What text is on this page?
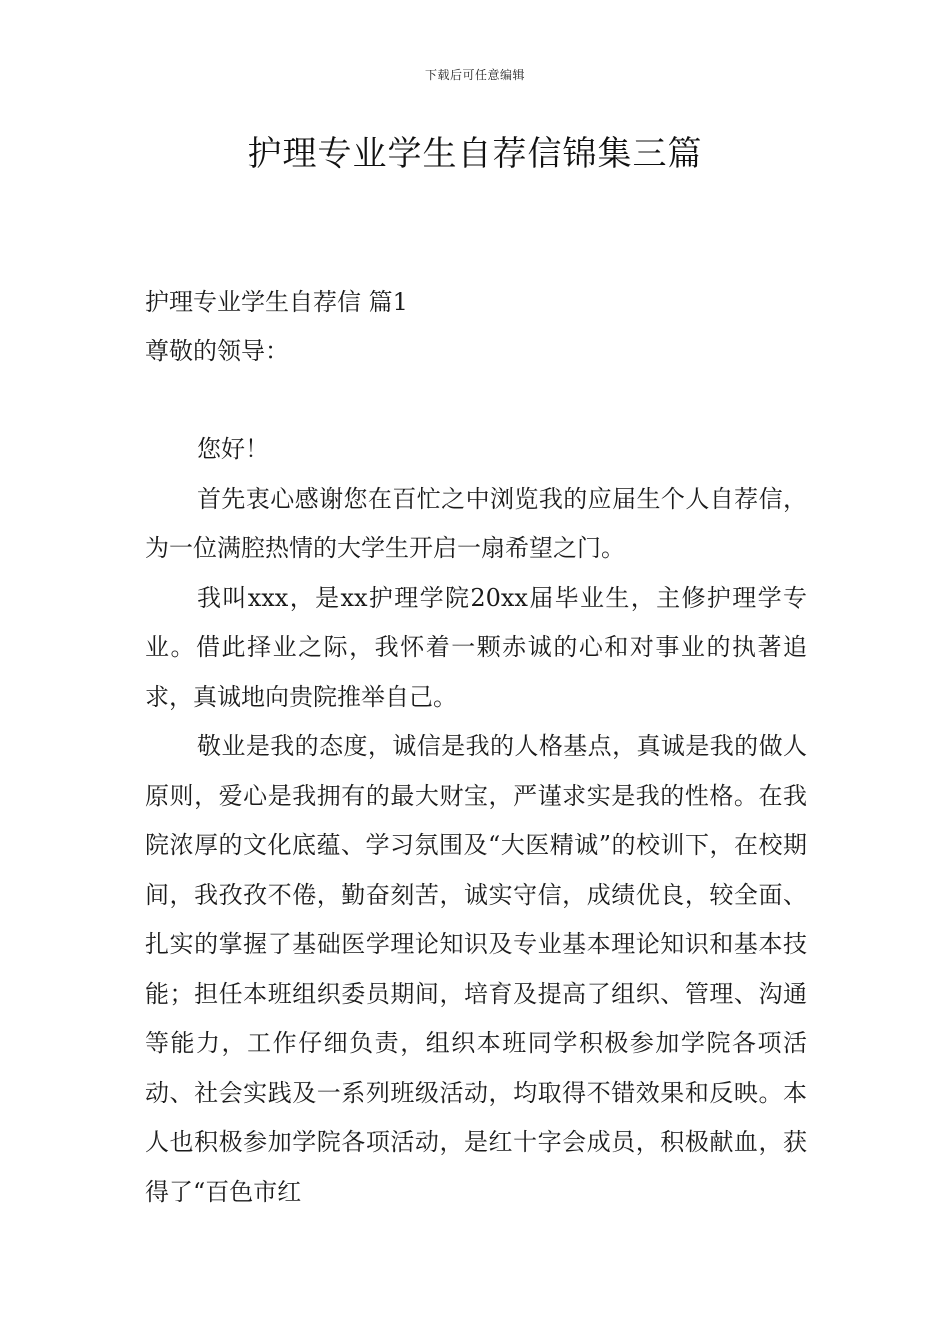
下载后可任意编辑
护理专业学生自荐信锦集三篇
护理专业学生自荐信 篇1
尊敬的领导：

您好！

首先衷心感谢您在百忙之中浏览我的应届生个人自荐信，为一位满腔热情的大学生开启一扇希望之门。

我叫xxx，是xx护理学院20xx届毕业生，主修护理学专业。借此择业之际，我怀着一颗赤诚的心和对事业的执著追求，真诚地向贵院推举自己。

敬业是我的态度，诚信是我的人格基点，真诚是我的做人原则，爱心是我拥有的最大财宝，严谨求实是我的性格。在我院浓厚的文化底蕴、学习氛围及“大医精诚”的校训下，在校期间，我孜孜不倦，勤奋刻苦，诚实守信，成绩优良，较全面、扎实的掌握了基础医学理论知识及专业基本理论知识和基本技能；担任本班组织委员期间，培育及提高了组织、管理、沟通等能力，工作仔细负责，组织本班同学积极参加学院各项活动、社会实践及一系列班级活动，均取得不错效果和反映。本人也积极参加学院各项活动，是红十字会成员，积极献血，获得了“百色市红
